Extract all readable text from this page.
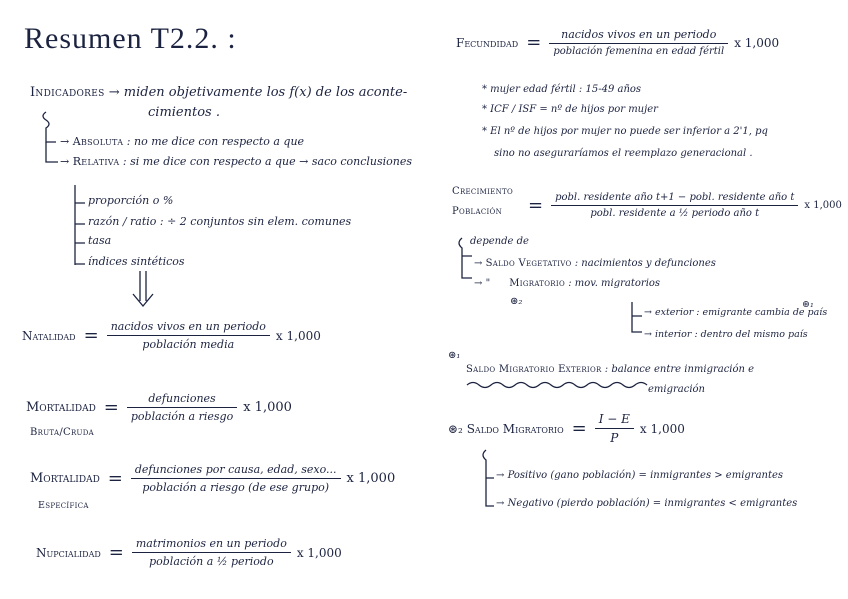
Resumen T2.2. :
Indicadores → miden objetivamente los f(x) de los aconte-
cimientos .
→ Absoluta : no me dice con respecto a que
→ Relativa : si me dice con respecto a que → saco conclusiones
proporción o %
razón / ratio : ÷ 2 conjuntos sin elem. comunes
tasa
índices sintéticos
Natalidad = $\frac{\text{nacidos vivos en un periodo}}{\text{población media}}$ x 1,000
Mortalidad = $\frac{\text{defunciones}}{\text{población a riesgo}}$ x 1,000
Bruta/Cruda
Mortalidad = $\frac{\text{defunciones por causa, edad, sexo...}}{\text{población a riesgo (de ese grupo)}}$ x 1,000
Específica
Nupcialidad = $\frac{\text{matrimonios en un periodo}}{\text{población a ½ periodo}}$ x 1,000
Fecundidad = $\frac{\text{nacidos vivos en un periodo}}{\text{población femenina en edad fértil}}$ x 1,000
* mujer edad fértil : 15-49 años
* ICF / ISF = nº de hijos por mujer
* El nº de hijos por mujer no puede ser inferior a 2'1, pq
sino no aseguraríamos el reemplazo generacional .
Crecimiento
Población = $\frac{\text{pobl. residente año t+1 − pobl. residente año t}}{\text{pobl. residente a ½ periodo año t}}$ x 1,000
depende de
→ Saldo Vegetativo : nacimientos y defunciones
→ " Migratorio : mov. migratorios
⊛₂
→ exterior : emigrante cambia de país
⊛₁
→ interior : dentro del mismo país
⊛₁
Saldo Migratorio Exterior : balance entre inmigración e
emigración
⊛₂ Saldo Migratorio = $\frac{I - E}{P}$ x 1,000
→ Positivo (gano población) = inmigrantes > emigrantes
→ Negativo (pierdo población) = inmigrantes < emigrantes
